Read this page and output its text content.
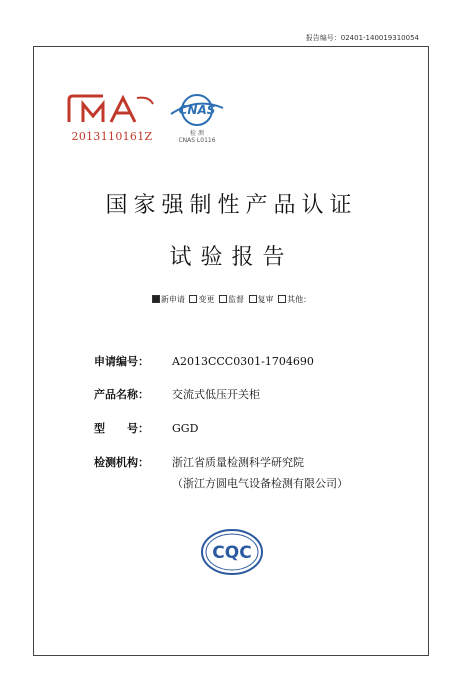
报告编号：02401-140019310054
2013110161Z
CNAS
检 测
CNAS L0116
国家强制性产品认证
试验报告
新申请 变更 监督 复审 其他：
申请编号： A2013CCC0301-1704690
产品名称： 交流式低压开关柜
型　　号： GGD
检测机构： 浙江省质量检测科学研究院
（浙江方圆电气设备检测有限公司）
CQC
